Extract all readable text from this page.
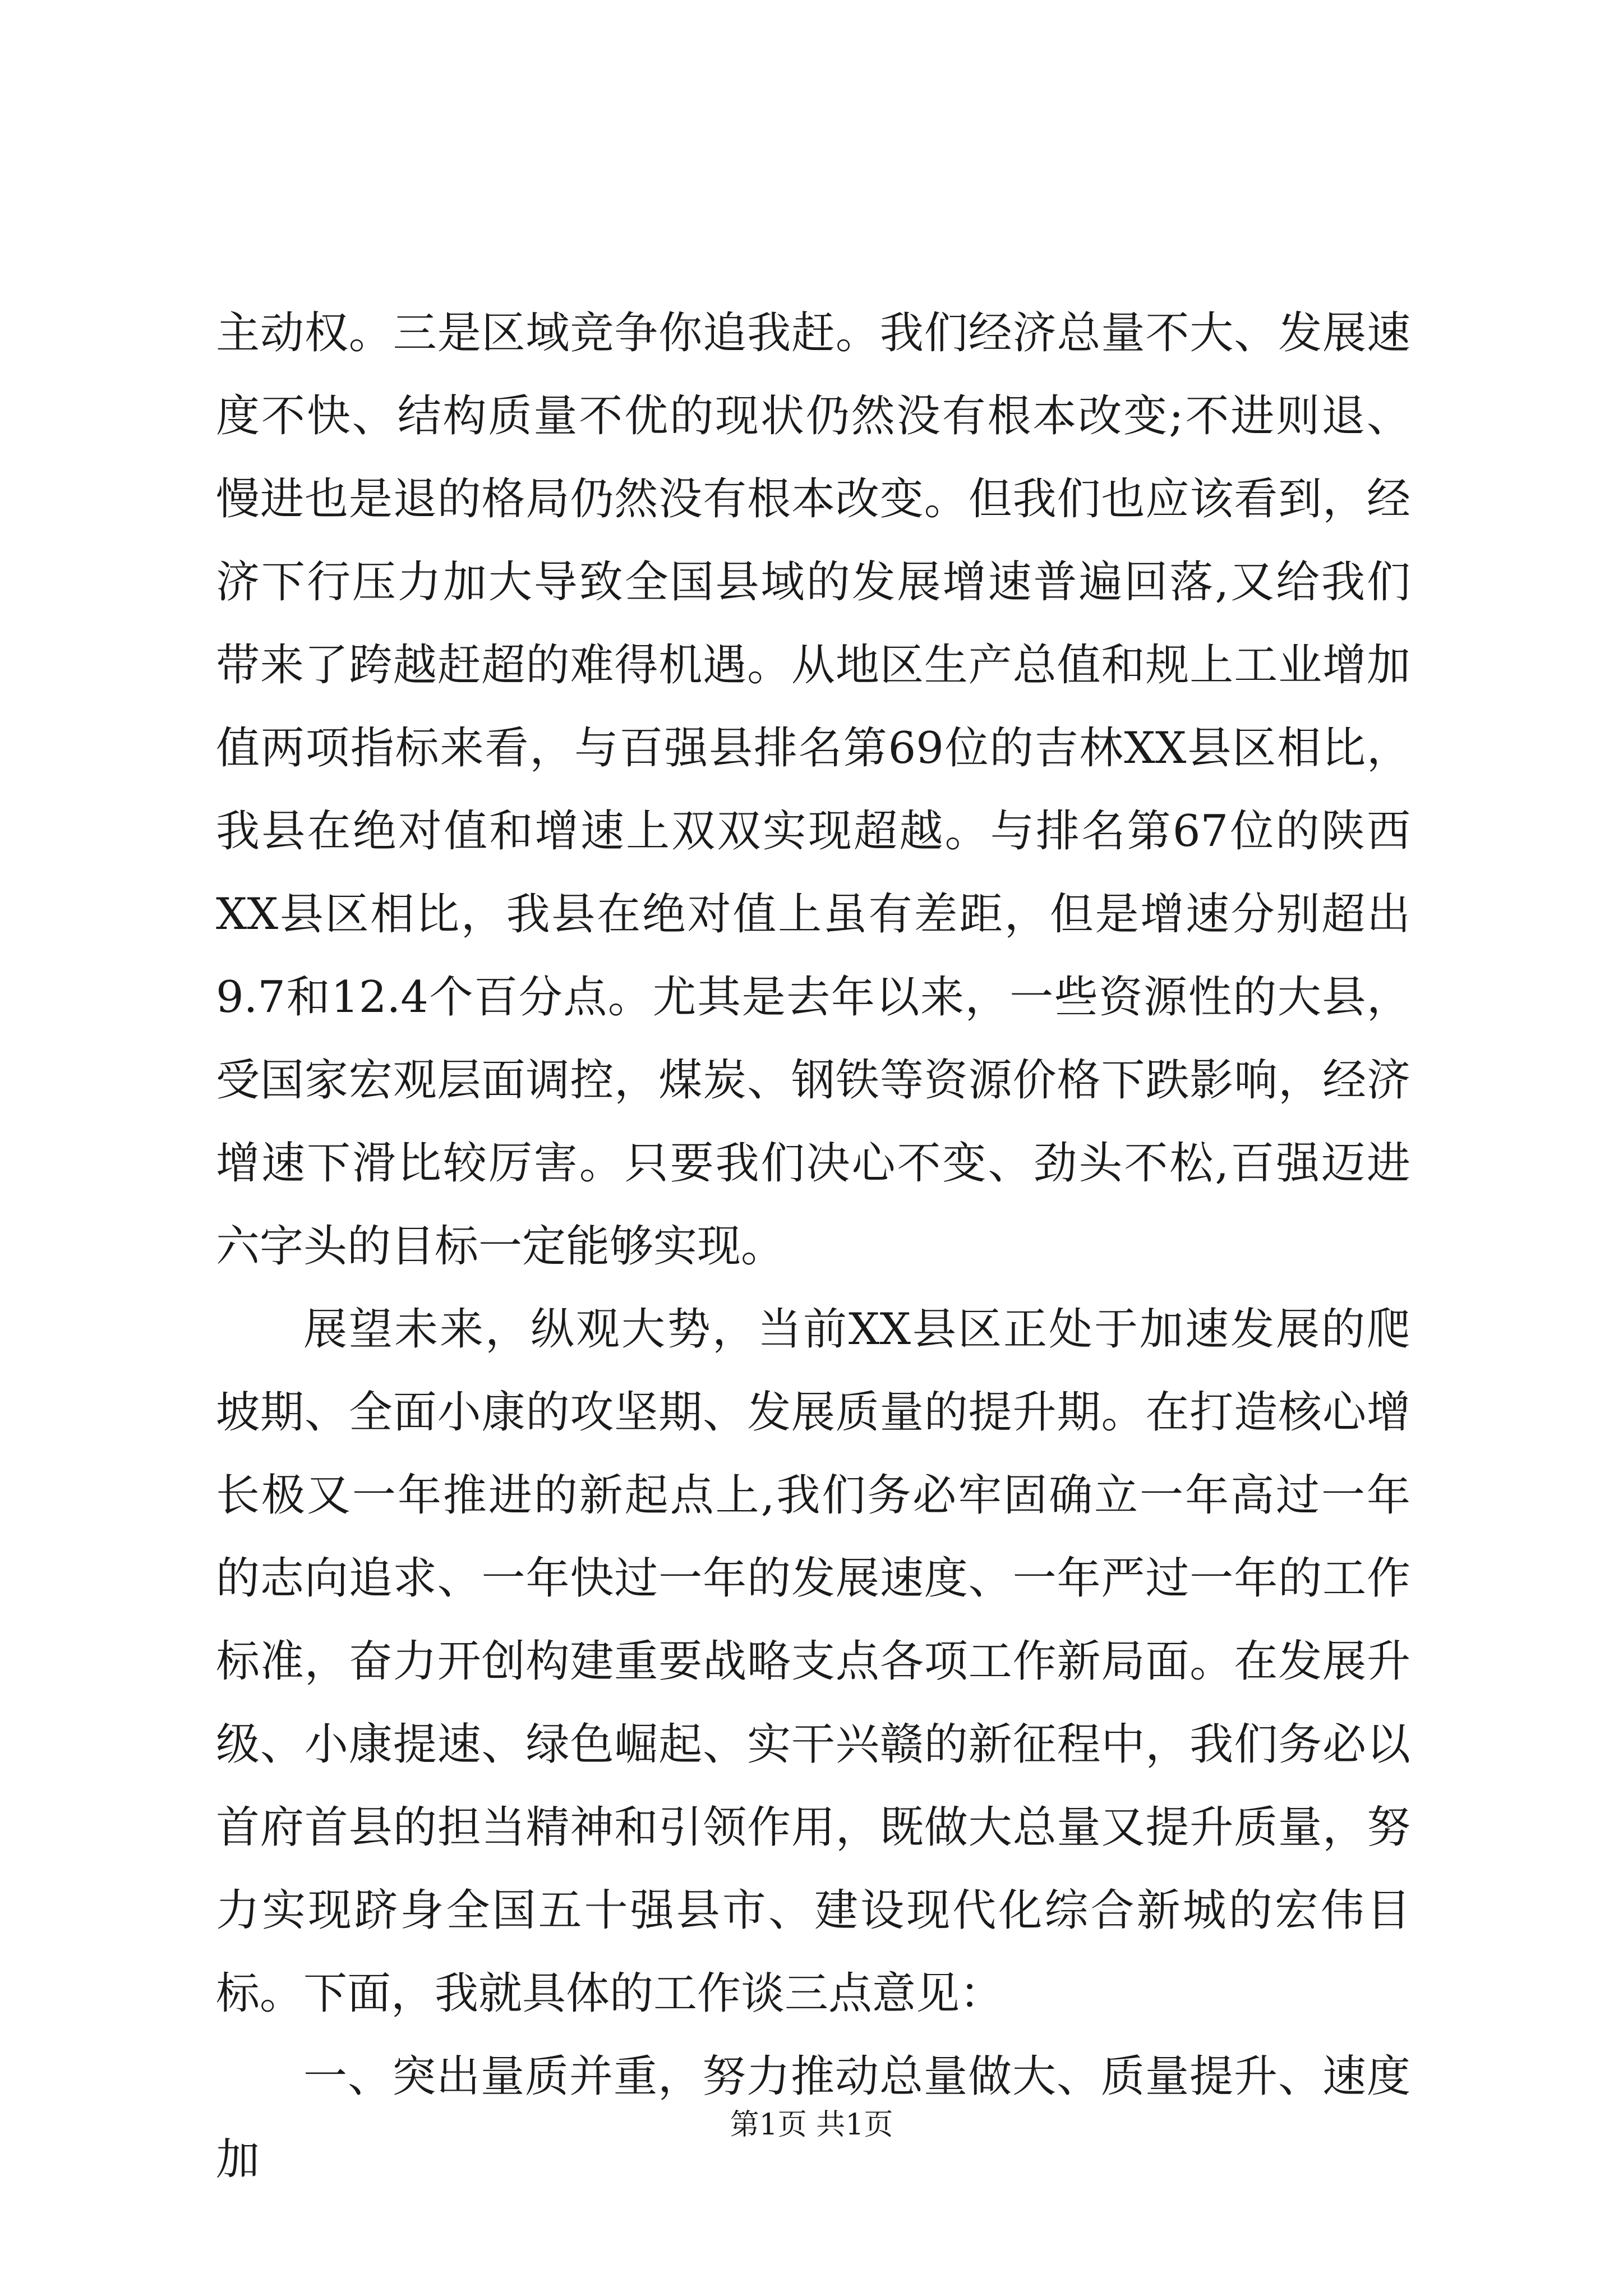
主动权。三是区域竞争你追我赶。我们经济总量不大、发展速度不快、结构质量不优的现状仍然没有根本改变;不进则退、慢进也是退的格局仍然没有根本改变。但我们也应该看到，经济下行压力加大导致全国县域的发展增速普遍回落,又给我们带来了跨越赶超的难得机遇。从地区生产总值和规上工业增加值两项指标来看，与百强县排名第69位的吉林XX县区相比，我县在绝对值和增速上双双实现超越。与排名第67位的陕西XX县区相比，我县在绝对值上虽有差距，但是增速分别超出9.7和12.4个百分点。尤其是去年以来，一些资源性的大县，受国家宏观层面调控，煤炭、钢铁等资源价格下跌影响，经济增速下滑比较厉害。只要我们决心不变、劲头不松,百强迈进六字头的目标一定能够实现。

展望未来，纵观大势，当前XX县区正处于加速发展的爬坡期、全面小康的攻坚期、发展质量的提升期。在打造核心增长极又一年推进的新起点上,我们务必牢固确立一年高过一年的志向追求、一年快过一年的发展速度、一年严过一年的工作标准，奋力开创构建重要战略支点各项工作新局面。在发展升级、小康提速、绿色崛起、实干兴赣的新征程中，我们务必以首府首县的担当精神和引领作用，既做大总量又提升质量，努力实现跻身全国五十强县市、建设现代化综合新城的宏伟目标。下面，我就具体的工作谈三点意见：

一、突出量质并重，努力推动总量做大、质量提升、速度加

第1页 共1页
